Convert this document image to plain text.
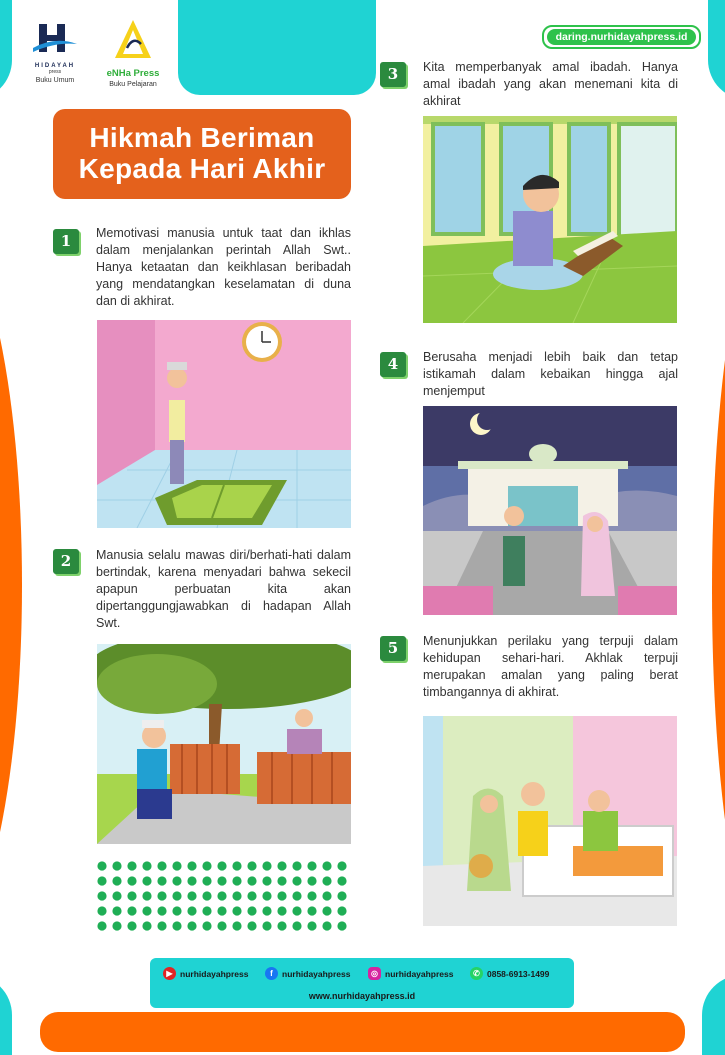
HIDAYAH
press
Buku Umum
eNHa Press
Buku Pelajaran
daring.nurhidayahpress.id
Hikmah Beriman
Kepada Hari Akhir
1	Memotivasi manusia untuk taat dan ikhlas dalam menjalankan perintah Allah Swt.. Hanya ketaatan dan keikhlasan beribadah yang mendatangkan keselamatan di duna dan di akhirat.
2	Manusia selalu mawas diri/berhati-hati dalam bertindak, karena menyadari bahwa sekecil apapun perbuatan kita akan dipertanggungjawabkan di hadapan Allah Swt.
3	Kita memperbanyak amal ibadah. Hanya amal ibadah yang akan menemani kita di akhirat
4	Berusaha menjadi lebih baik dan tetap istikamah dalam kebaikan hingga ajal menjemput
5	Menunjukkan perilaku yang terpuji dalam kehidupan sehari-hari. Akhlak terpuji merupakan amalan yang paling berat timbangannya di akhirat.
▶ nurhidayahpress	f	nurhidayahpress	◎ nurhidayahpress	✆ 0858-6913-1499
www.nurhidayahpress.id
